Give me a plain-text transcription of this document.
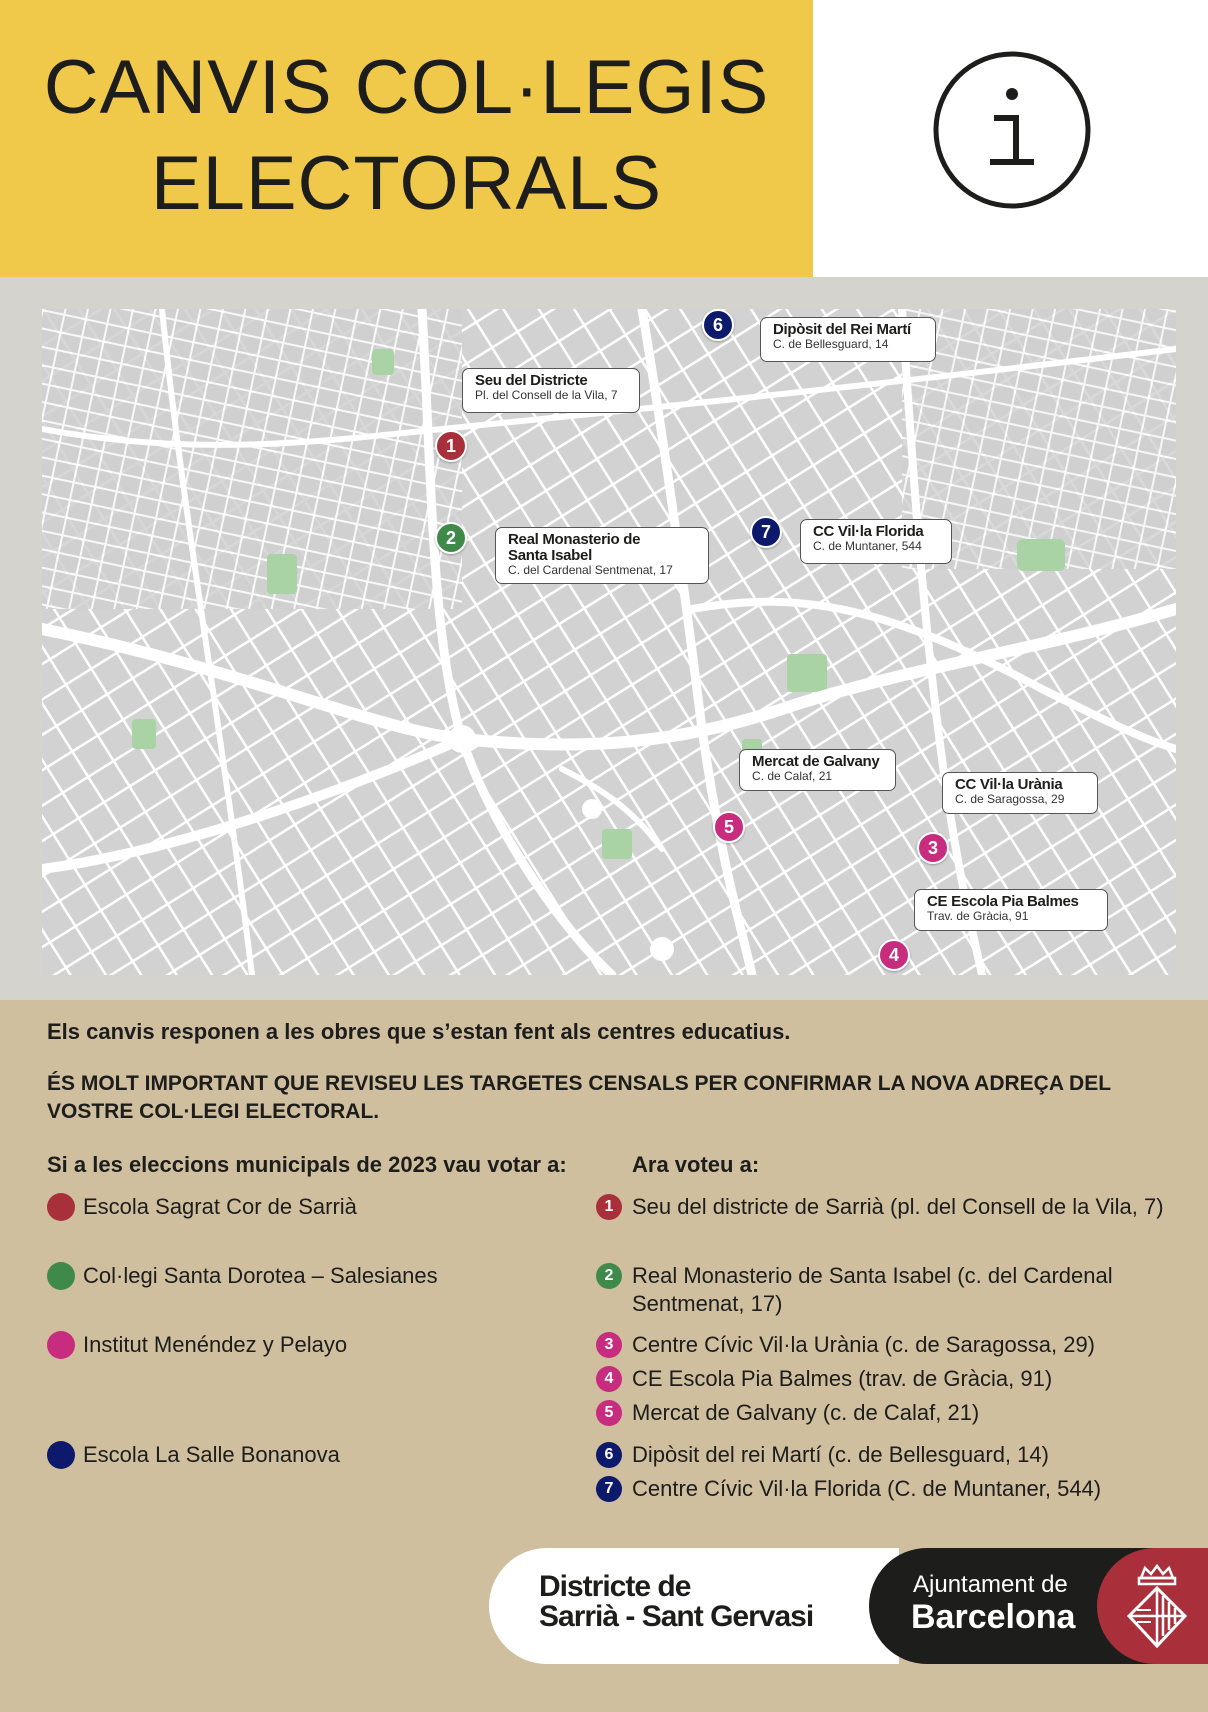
CANVIS COL·LEGIS
ELECTORALS
Dipòsit del Rei Martí
C. de Bellesguard, 14
6
Seu del Districte
Pl. del Consell de la Vila, 7
1
Real Monasterio de
Santa Isabel
C. del Cardenal Sentmenat, 17
2	CC Vil·la Florida
C. de Muntaner, 544
7
Mercat de Galvany
C. de Calaf, 21
5
CC Vil·la Urània
C. de Saragossa, 29
3
CE Escola Pia Balmes
Trav. de Gràcia, 91
4
Els canvis responen a les obres que s’estan fent als centres educatius.
ÉS MOLT IMPORTANT QUE REVISEU LES TARGETES CENSALS PER CONFIRMAR LA NOVA ADREÇA DEL VOSTRE COL·LEGI ELECTORAL.
Si a les eleccions municipals de 2023 vau votar a:	Ara voteu a:
Escola Sagrat Cor de Sarrià
Col·legi Santa Dorotea – Salesianes
Institut Menéndez y Pelayo
Escola La Salle Bonanova
1 Seu del districte de Sarrià (pl. del Consell de la Vila, 7)
2 Real Monasterio de Santa Isabel (c. del Cardenal Sentmenat, 17)
3 Centre Cívic Vil·la Urània (c. de Saragossa, 29)
4 CE Escola Pia Balmes (trav. de Gràcia, 91)
5 Mercat de Galvany (c. de Calaf, 21)
6 Dipòsit del rei Martí (c. de Bellesguard, 14)
7 Centre Cívic Vil·la Florida (C. de Muntaner, 544)
Districte de
Sarrià - Sant Gervasi
Ajuntament de
Barcelona
